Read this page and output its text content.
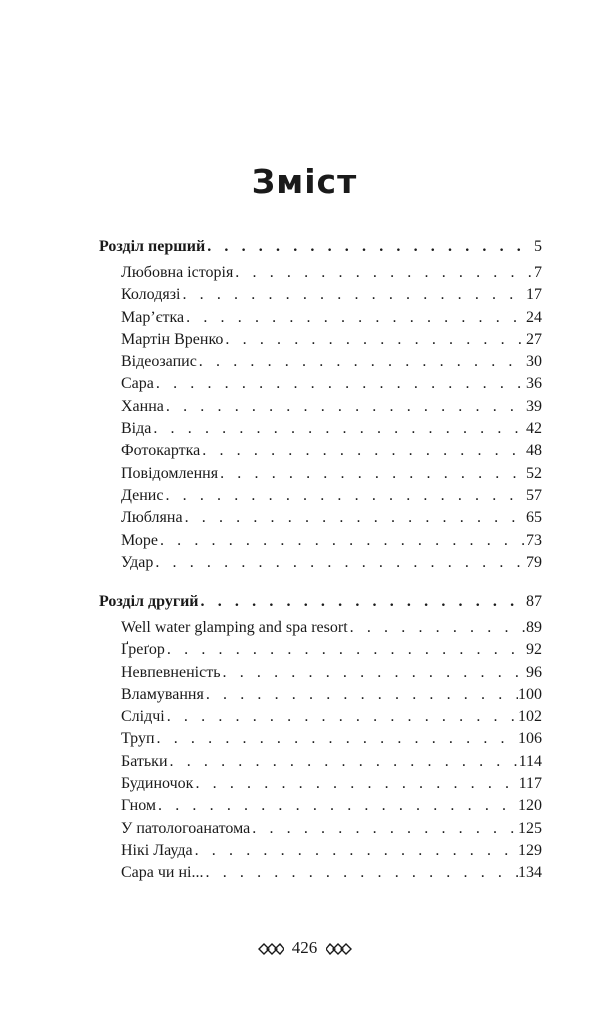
Зміст
Розділ перший . . .	5
Любовна історія . . .	7
Колодязі . . .	17
Мар’єтка . . .	24
Мартін Вренко . . .	27
Відеозапис . . .	30
Сара . . .	36
Ханна . . .	39
Віда . . .	42
Фотокартка . . .	48
Повідомлення . . .	52
Денис . . .	57
Любляна . . .	65
Море . . .	73
Удар . . .	79
Розділ другий . . .	87
Well water glamping and spa resort . . .	89
Ґреґор . . .	92
Невпевненість . . .	96
Вламування . . .	100
Слідчі . . .	102
Труп . . .	106
Батьки . . .	114
Будиночок . . .	117
Гном . . .	120
У патологоанатома . . .	125
Нікі Лауда . . .	129
Сара чи ні... . . .	134
426
